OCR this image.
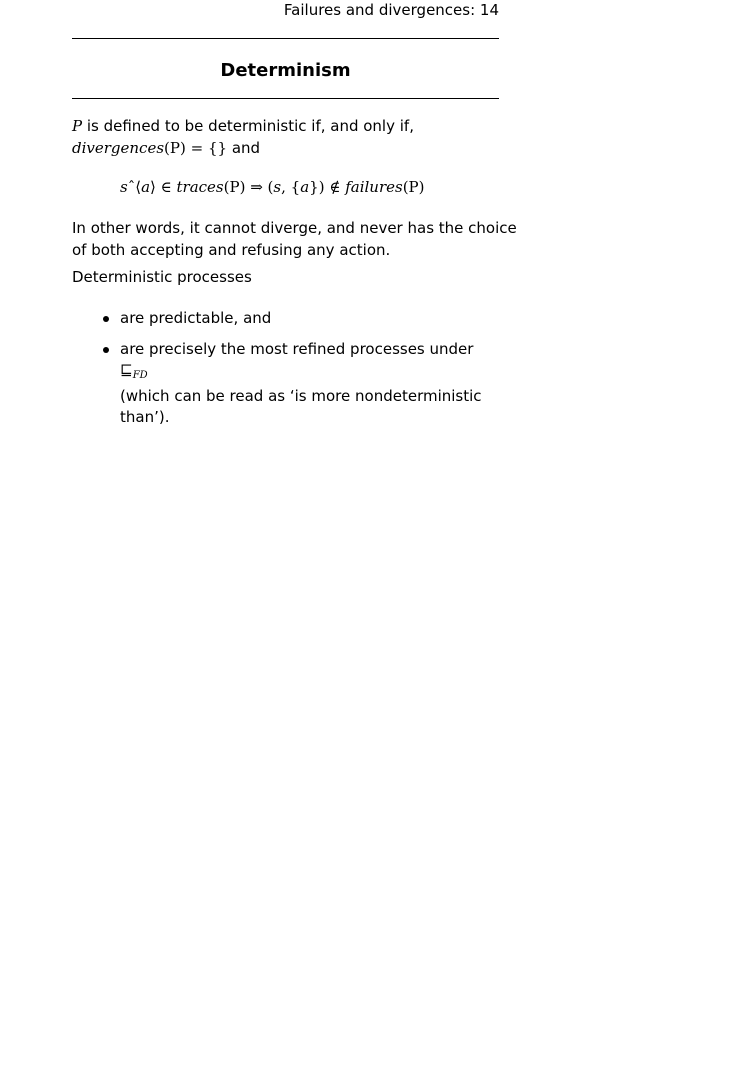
Failures and divergences: 14
Determinism
P is defined to be deterministic if, and only if,
divergences(P) = {} and
sˆ⟨a⟩ ∈ traces(P) ⇒ (s, {a}) ∉ failures(P)
In other words, it cannot diverge, and never has the choice
of both accepting and refusing any action.
Deterministic processes
are predictable, and
are precisely the most refined processes under $⊑_{FD}$
(which can be read as ‘is more nondeterministic
than’).
